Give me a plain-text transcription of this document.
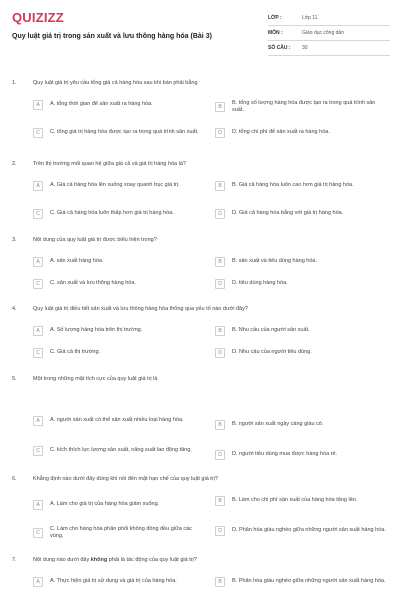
QUIZIZZ
Quy luật giá trị trong sản xuất và lưu thông hàng hóa (Bài 3)
LỚP :	Lớp 11
MÔN :	Giáo dục công dân
SỐ CÂU :	30
1.	Quy luật giá trị yêu cầu tổng giá cả hàng hóa sau khi bán phải bằng
A	A. tổng thời gian để sản xuất ra hàng hóa.
B
B. tổng số lượng hàng hóa được tạo ra trong quá trình sản xuất.
C	C. tổng giá trị hàng hóa được tạo ra trong quá trình sản xuất.	D	D. tổng chi phí để sản xuất ra hàng hóa.
2.	Trên thị trường mối quan hệ giữa giá cả và giá trị hàng hóa là?
A	A. Giá cả hàng hóa lên xuống xoay quanh trục giá trị.	B	B. Giá cả hàng hóa luôn cao hơn giá trị hàng hóa.
C	C. Giá cả hàng hóa luôn thấp hơn giá trị hàng hóa.	D	D. Giá cả hàng hóa bằng với giá trị hàng hóa.
3.	Nội dung của quy luật giá trị được biểu hiện trong?
A	A. sản xuất hàng hóa.	B	B. sản xuất và tiêu dùng hàng hóa.
C	C. sản xuất và lưu thông hàng hóa.	D	D. tiêu dùng hàng hóa.
4.	Quy luật giá trị điều tiết sản xuất và lưu thông hàng hóa thông qua yếu tố nào dưới đây?
A	A. Số lượng hàng hóa trên thị trường.	B	B. Nhu cầu của người sản xuất.
C	C. Giá cả thị trường.	D	D. Nhu cầu của người tiêu dùng.
5.	Một trong những mặt tích cực của quy luật giá trị là
A	A. người sản xuất có thể sản xuất nhiều loại hàng hóa.
B	B. người sản xuất ngày càng giàu có.
C	C. kích thích lực lượng sản xuất, năng suất lao động tăng.
D	D. người tiêu dùng mua được hàng hóa rẻ.
6.	Khẳng định nào dưới đây đúng khi nói đến mặt hạn chế của quy luật giá trị?
A	A. Làm cho giá trị của hàng hóa giảm xuống.
B	B. Làm cho chi phí sản xuất của hàng hóa tăng lên.
C
C. Làm cho hàng hóa phân phối không đồng đều giữa các vùng.
D	D. Phân hóa giàu nghèo giữa những người sản xuất hàng hóa.
7.	Nội dung nào dưới đây không phải là tác động của quy luật giá trị?
A	A. Thực hiện giá trị sử dụng và giá trị của hàng hóa.	B	B. Phân hóa giàu nghèo giữa những người sản xuất hàng hóa.
